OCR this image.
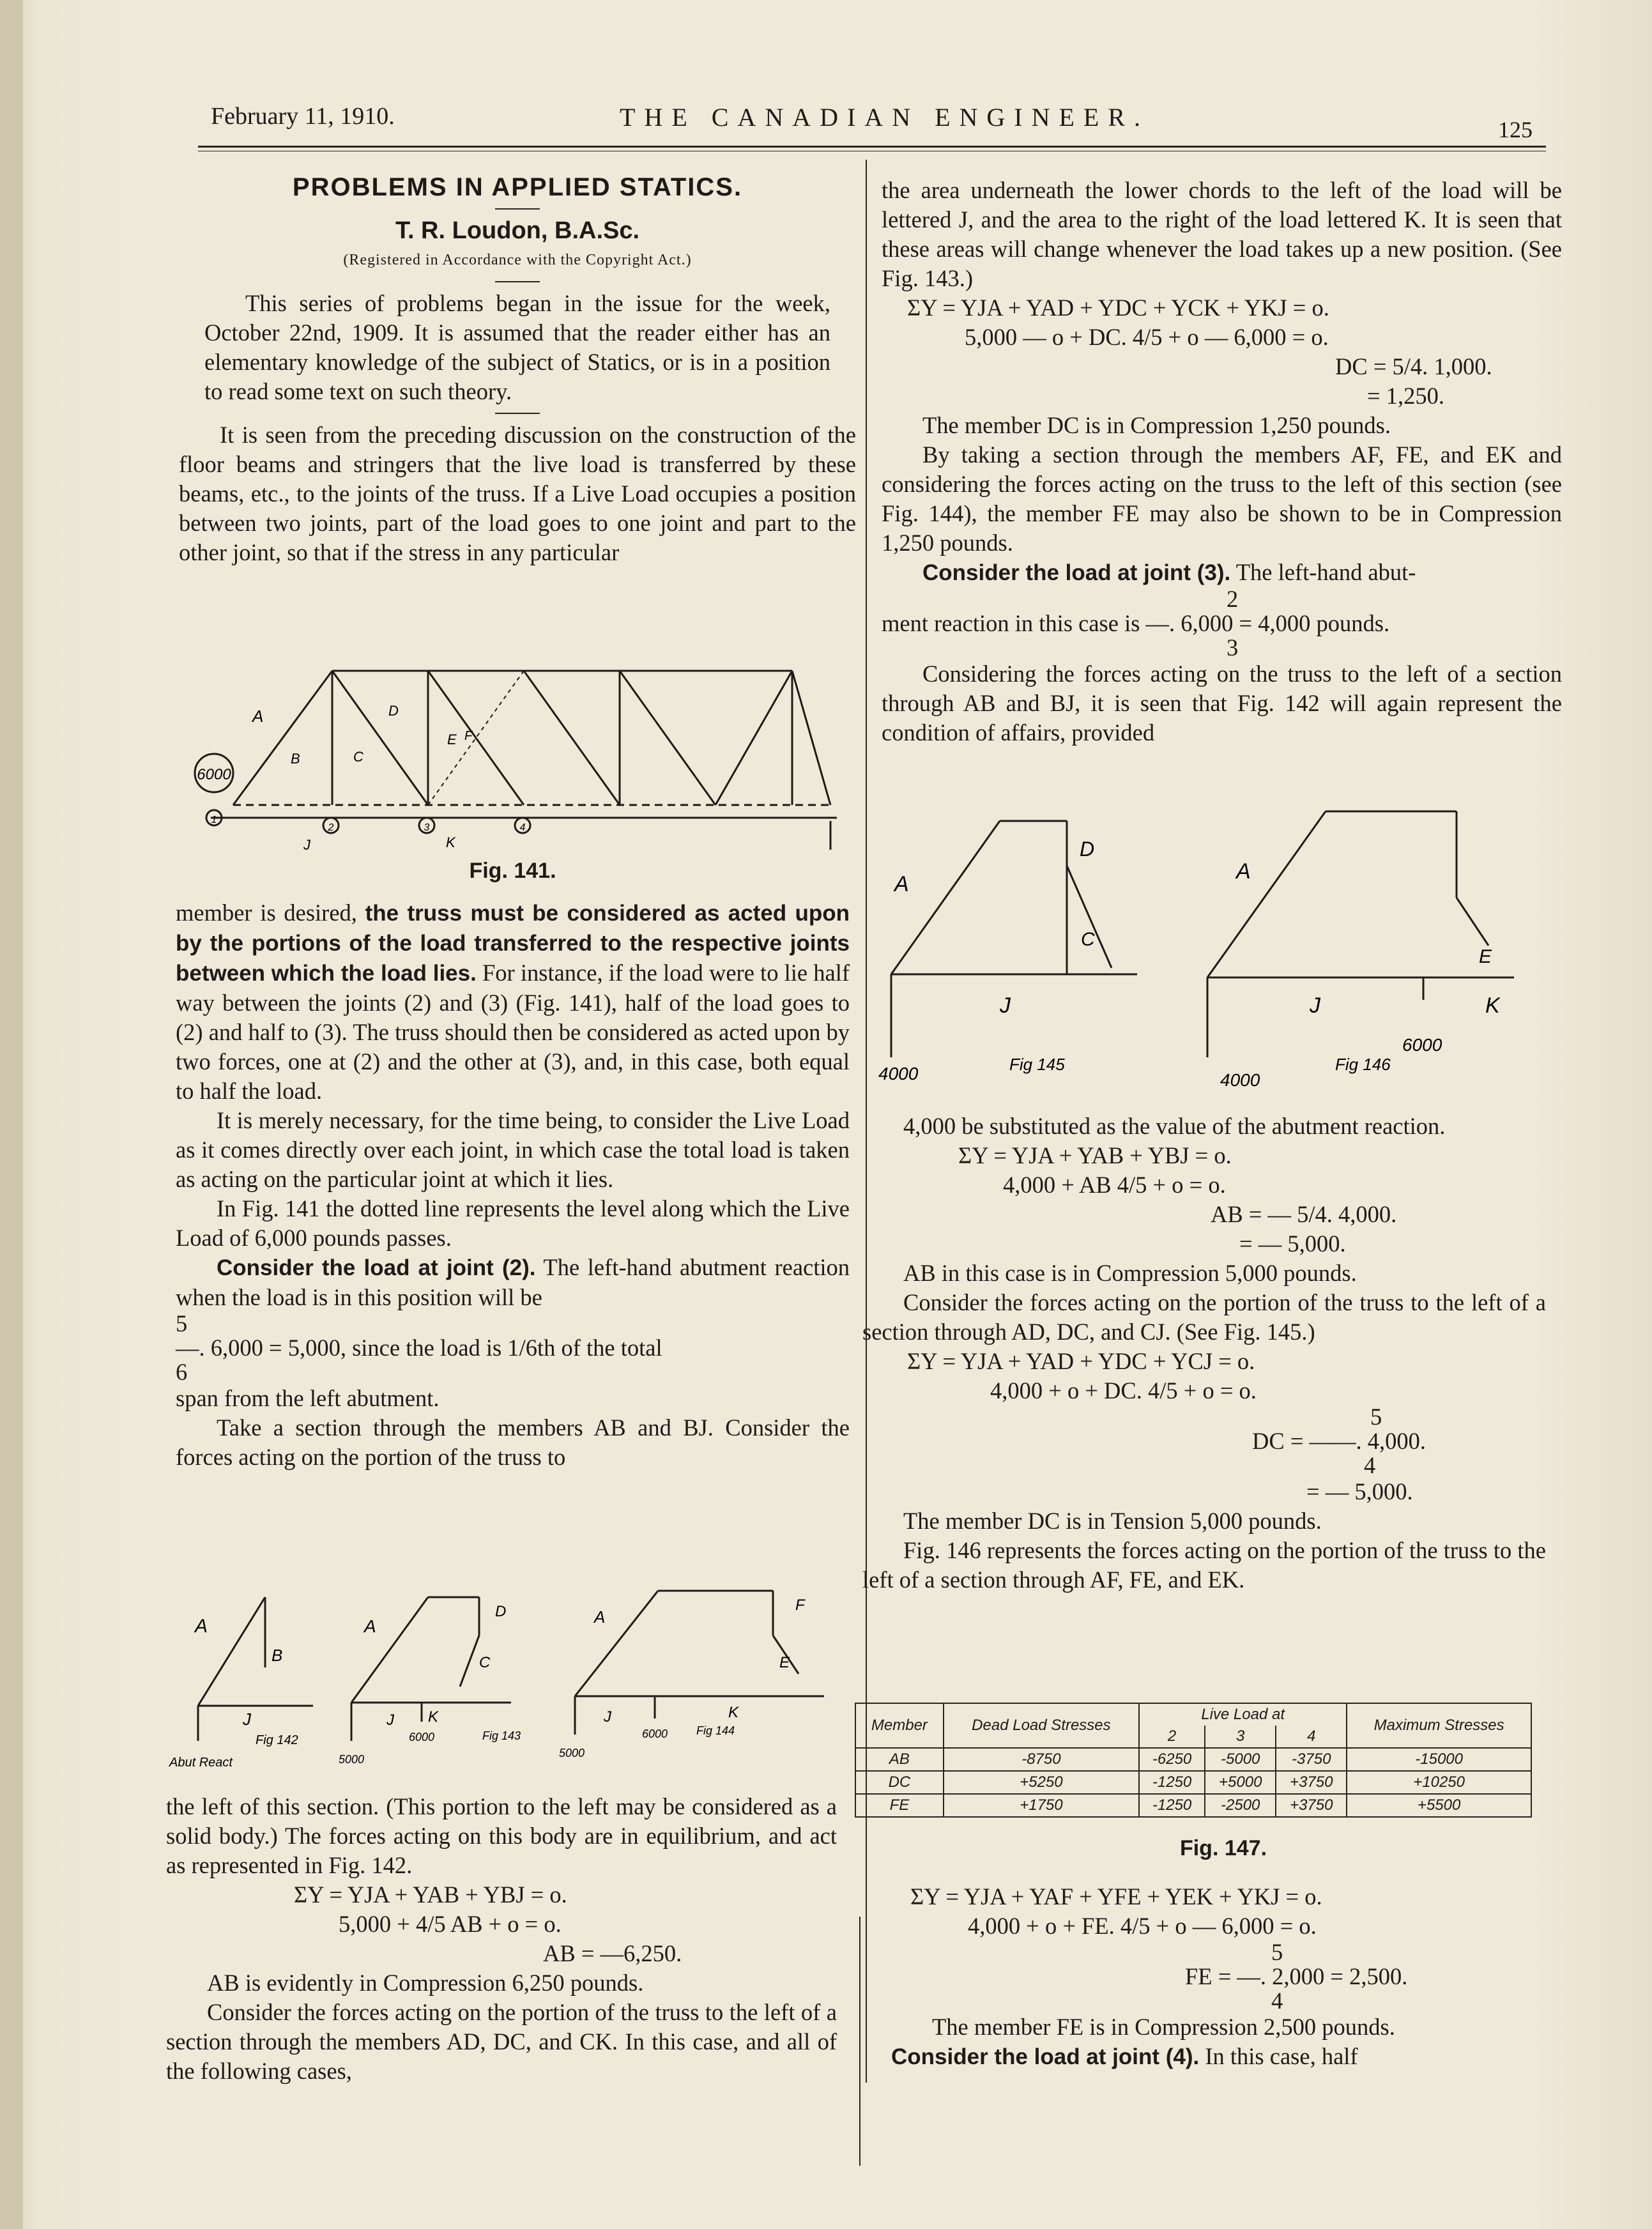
February 11, 1910.	THE CANADIAN ENGINEER.	125
PROBLEMS IN APPLIED STATICS.
T. R. Loudon, B.A.Sc.
(Registered in Accordance with the Copyright Act.)

This series of problems began in the issue for the week, October 22nd, 1909. It is assumed that the reader either has an elementary knowledge of the subject of Statics, or is in a position to read some text on such theory.

It is seen from the preceding discussion on the construction of the floor beams and stringers that the live load is transferred by these beams, etc., to the joints of the truss. If a Live Load occupies a position between two joints, part of the load goes to one joint and part to the other joint, so that if the stress in any particular

6000
A
B	C
D
E F
J	K
1
2	3	4
Fig. 141.

member is desired, the truss must be considered as acted upon by the portions of the load transferred to the respective joints between which the load lies. For instance, if the load were to lie half way between the joints (2) and (3) (Fig. 141), half of the load goes to (2) and half to (3). The truss should then be considered as acted upon by two forces, one at (2) and the other at (3), and, in this case, both equal to half the load.

It is merely necessary, for the time being, to consider the Live Load as it comes directly over each joint, in which case the total load is taken as acting on the particular joint at which it lies.

In Fig. 141 the dotted line represents the level along which the Live Load of 6,000 pounds passes.

Consider the load at joint (2). The left-hand abutment reaction when the load is in this position will be

5

—. 6,000 = 5,000, since the load is 1/6th of the total

6

span from the left abutment.

Take a section through the members AB and BJ. Consider the forces acting on the portion of the truss to

A
B
J
Fig 142
Abut React
A
D
C
J K
6000
5000
Fig 143
A
F
E
J	K
6000
5000
Fig 144

the left of this section. (This portion to the left may be considered as a solid body.) The forces acting on this body are in equilibrium, and act as represented in Fig. 142.

ΣY = YJA + YAB + YBJ = o.

5,000 + 4/5 AB + o = o.

AB = —6,250.

AB is evidently in Compression 6,250 pounds.

Consider the forces acting on the portion of the truss to the left of a section through the members AD, DC, and CK. In this case, and all of the following cases,

the area underneath the lower chords to the left of the load will be lettered J, and the area to the right of the load lettered K. It is seen that these areas will change whenever the load takes up a new position. (See Fig. 143.)

ΣY = YJA + YAD + YDC + YCK + YKJ = o.

5,000 — o + DC. 4/5 + o — 6,000 = o.

DC = 5/4. 1,000.

= 1,250.

The member DC is in Compression 1,250 pounds.

By taking a section through the members AF, FE, and EK and considering the forces acting on the truss to the left of this section (see Fig. 144), the member FE may also be shown to be in Compression 1,250 pounds.

Consider the load at joint (3). The left-hand abut-

2

ment reaction in this case is —. 6,000 = 4,000 pounds.

3

Considering the forces acting on the truss to the left of a section through AB and BJ, it is seen that Fig. 142 will again represent the condition of affairs, provided

A
D
C
J
4000	Fig 145
A
E
J	K
6000
4000
Fig 146

4,000 be substituted as the value of the abutment reaction.

ΣY = YJA + YAB + YBJ = o.

4,000 + AB 4/5 + o = o.

AB = — 5/4. 4,000.

= — 5,000.

AB in this case is in Compression 5,000 pounds.

Consider the forces acting on the portion of the truss to the left of a section through AD, DC, and CJ. (See Fig. 145.)

ΣY = YJA + YAD + YDC + YCJ = o.

4,000 + o + DC. 4/5 + o = o.

5

DC = ——. 4,000.

4

= — 5,000.

The member DC is in Tension 5,000 pounds.

Fig. 146 represents the forces acting on the portion of the truss to the left of a section through AF, FE, and EK.

Member	Dead Load Stresses	Live Load at			Maximum Stresses
		2	3	4	
AB	-8750	-6250	-5000	-3750	-15000
DC	+5250	-1250	+5000	+3750	+10250
FE	+1750	-1250	-2500	+3750	+5500
Fig. 147.

ΣY = YJA + YAF + YFE + YEK + YKJ = o.

4,000 + o + FE. 4/5 + o — 6,000 = o.

5

FE = —. 2,000 = 2,500.

4

The member FE is in Compression 2,500 pounds.

Consider the load at joint (4). In this case, half
